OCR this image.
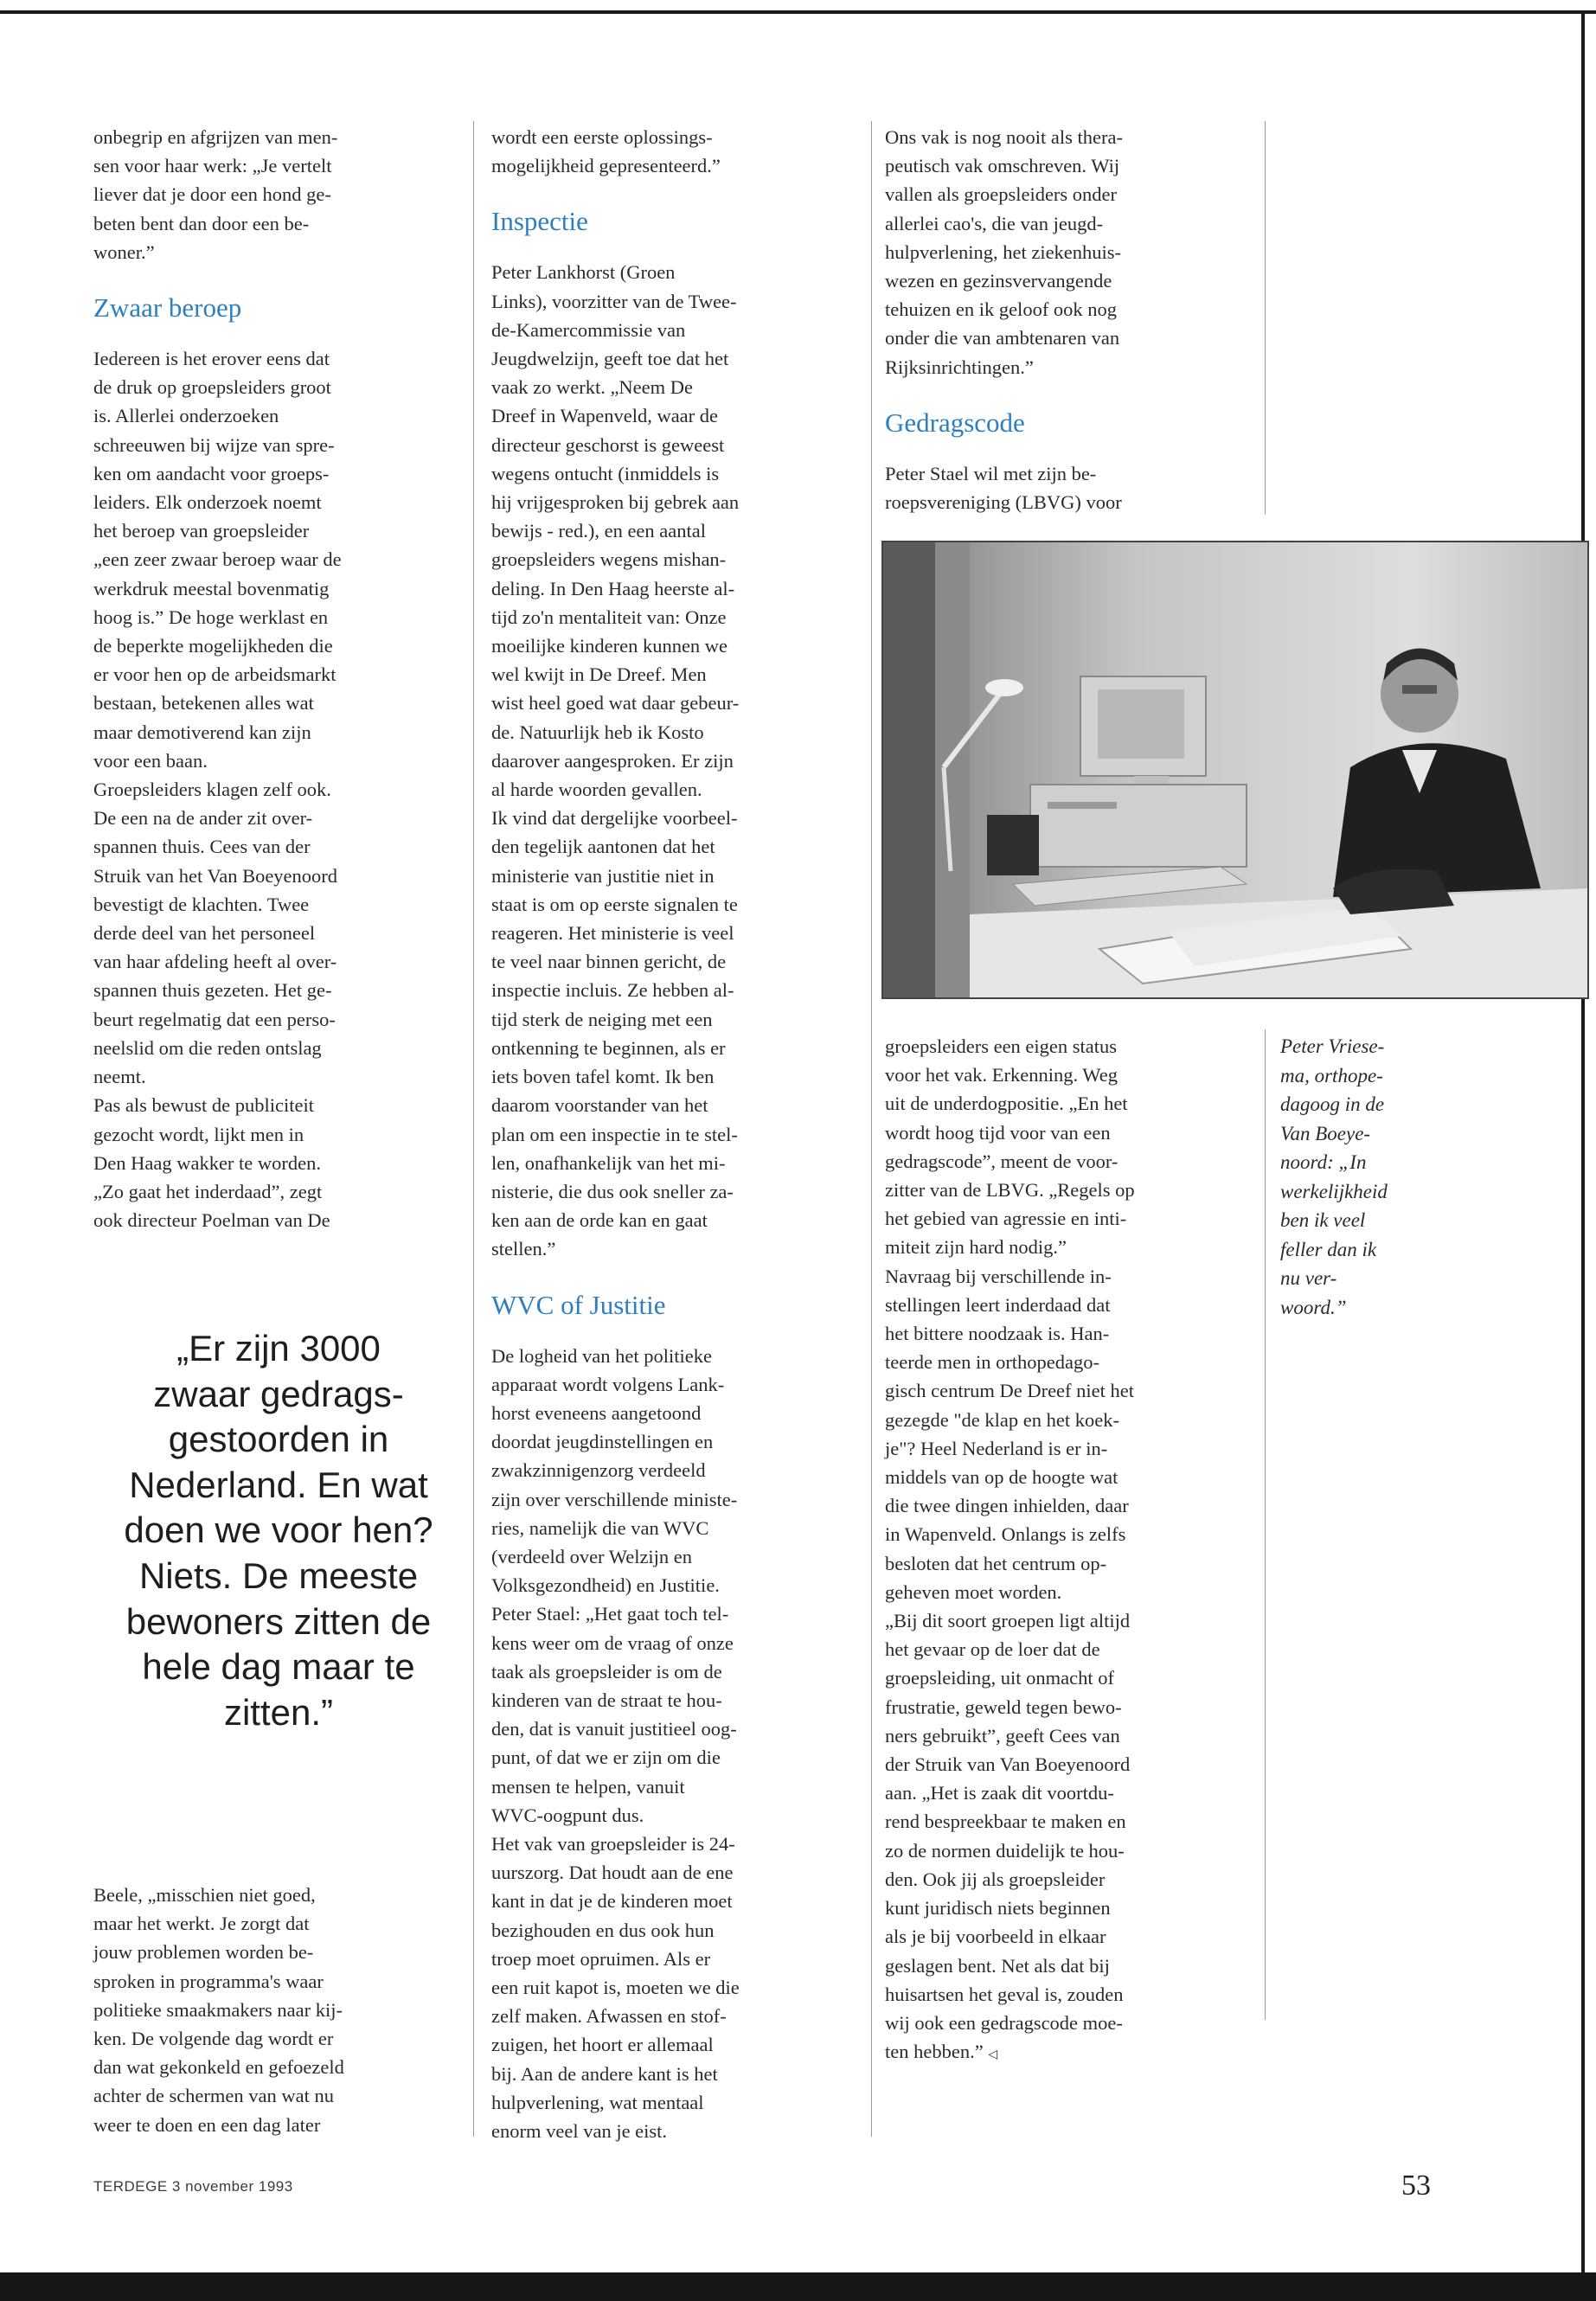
onbegrip en afgrijzen van men-
sen voor haar werk: „Je vertelt
liever dat je door een hond ge-
beten bent dan door een be-
woner.”

Zwaar beroep

Iedereen is het erover eens dat
de druk op groepsleiders groot
is. Allerlei onderzoeken
schreeuwen bij wijze van spre-
ken om aandacht voor groeps-
leiders. Elk onderzoek noemt
het beroep van groepsleider
„een zeer zwaar beroep waar de
werkdruk meestal bovenmatig
hoog is.” De hoge werklast en
de beperkte mogelijkheden die
er voor hen op de arbeidsmarkt
bestaan, betekenen alles wat
maar demotiverend kan zijn
voor een baan.
Groepsleiders klagen zelf ook.
De een na de ander zit over-
spannen thuis. Cees van der
Struik van het Van Boeyenoord
bevestigt de klachten. Twee
derde deel van het personeel
van haar afdeling heeft al over-
spannen thuis gezeten. Het ge-
beurt regelmatig dat een perso-
neelslid om die reden ontslag
neemt.
Pas als bewust de publiciteit
gezocht wordt, lijkt men in
Den Haag wakker te worden.
„Zo gaat het inderdaad”, zegt
ook directeur Poelman van De

„Er zijn 3000
zwaar gedrags-
gestoorden in
Nederland. En wat
doen we voor hen?
Niets. De meeste
bewoners zitten de
hele dag maar te
zitten.”

Beele, „misschien niet goed,
maar het werkt. Je zorgt dat
jouw problemen worden be-
sproken in programma's waar
politieke smaakmakers naar kij-
ken. De volgende dag wordt er
dan wat gekonkeld en gefoezeld
achter de schermen van wat nu
weer te doen en een dag later

wordt een eerste oplossings-
mogelijkheid gepresenteerd.”

Inspectie

Peter Lankhorst (Groen
Links), voorzitter van de Twee-
de-Kamercommissie van
Jeugdwelzijn, geeft toe dat het
vaak zo werkt. „Neem De
Dreef in Wapenveld, waar de
directeur geschorst is geweest
wegens ontucht (inmiddels is
hij vrijgesproken bij gebrek aan
bewijs - red.), en een aantal
groepsleiders wegens mishan-
deling. In Den Haag heerste al-
tijd zo'n mentaliteit van: Onze
moeilijke kinderen kunnen we
wel kwijt in De Dreef. Men
wist heel goed wat daar gebeur-
de. Natuurlijk heb ik Kosto
daarover aangesproken. Er zijn
al harde woorden gevallen.
Ik vind dat dergelijke voorbeel-
den tegelijk aantonen dat het
ministerie van justitie niet in
staat is om op eerste signalen te
reageren. Het ministerie is veel
te veel naar binnen gericht, de
inspectie incluis. Ze hebben al-
tijd sterk de neiging met een
ontkenning te beginnen, als er
iets boven tafel komt. Ik ben
daarom voorstander van het
plan om een inspectie in te stel-
len, onafhankelijk van het mi-
nisterie, die dus ook sneller za-
ken aan de orde kan en gaat
stellen.”

WVC of Justitie

De logheid van het politieke
apparaat wordt volgens Lank-
horst eveneens aangetoond
doordat jeugdinstellingen en
zwakzinnigenzorg verdeeld
zijn over verschillende ministe-
ries, namelijk die van WVC
(verdeeld over Welzijn en
Volksgezondheid) en Justitie.
Peter Stael: „Het gaat toch tel-
kens weer om de vraag of onze
taak als groepsleider is om de
kinderen van de straat te hou-
den, dat is vanuit justitieel oog-
punt, of dat we er zijn om die
mensen te helpen, vanuit
WVC-oogpunt dus.
Het vak van groepsleider is 24-
uurszorg. Dat houdt aan de ene
kant in dat je de kinderen moet
bezighouden en dus ook hun
troep moet opruimen. Als er
een ruit kapot is, moeten we die
zelf maken. Afwassen en stof-
zuigen, het hoort er allemaal
bij. Aan de andere kant is het
hulpverlening, wat mentaal
enorm veel van je eist.

Ons vak is nog nooit als thera-
peutisch vak omschreven. Wij
vallen als groepsleiders onder
allerlei cao's, die van jeugd-
hulpverlening, het ziekenhuis-
wezen en gezinsvervangende
tehuizen en ik geloof ook nog
onder die van ambtenaren van
Rijksinrichtingen.”

Gedragscode

Peter Stael wil met zijn be-
roepsvereniging (LBVG) voor

groepsleiders een eigen status
voor het vak. Erkenning. Weg
uit de underdogpositie. „En het
wordt hoog tijd voor van een
gedragscode”, meent de voor-
zitter van de LBVG. „Regels op
het gebied van agressie en inti-
miteit zijn hard nodig.”
Navraag bij verschillende in-
stellingen leert inderdaad dat
het bittere noodzaak is. Han-
teerde men in orthopedago-
gisch centrum De Dreef niet het
gezegde "de klap en het koek-
je"? Heel Nederland is er in-
middels van op de hoogte wat
die twee dingen inhielden, daar
in Wapenveld. Onlangs is zelfs
besloten dat het centrum op-
geheven moet worden.
„Bij dit soort groepen ligt altijd
het gevaar op de loer dat de
groepsleiding, uit onmacht of
frustratie, geweld tegen bewo-
ners gebruikt”, geeft Cees van
der Struik van Van Boeyenoord
aan. „Het is zaak dit voortdu-
rend bespreekbaar te maken en
zo de normen duidelijk te hou-
den. Ook jij als groepsleider
kunt juridisch niets beginnen
als je bij voorbeeld in elkaar
geslagen bent. Net als dat bij
huisartsen het geval is, zouden
wij ook een gedragscode moe-
ten hebben.” ◁

Peter Vriese-
ma, orthope-
dagoog in de
Van Boeye-
noord: „In
werkelijkheid
ben ik veel
feller dan ik
nu ver-
woord.”
TERDEGE 3 november 1993	53
